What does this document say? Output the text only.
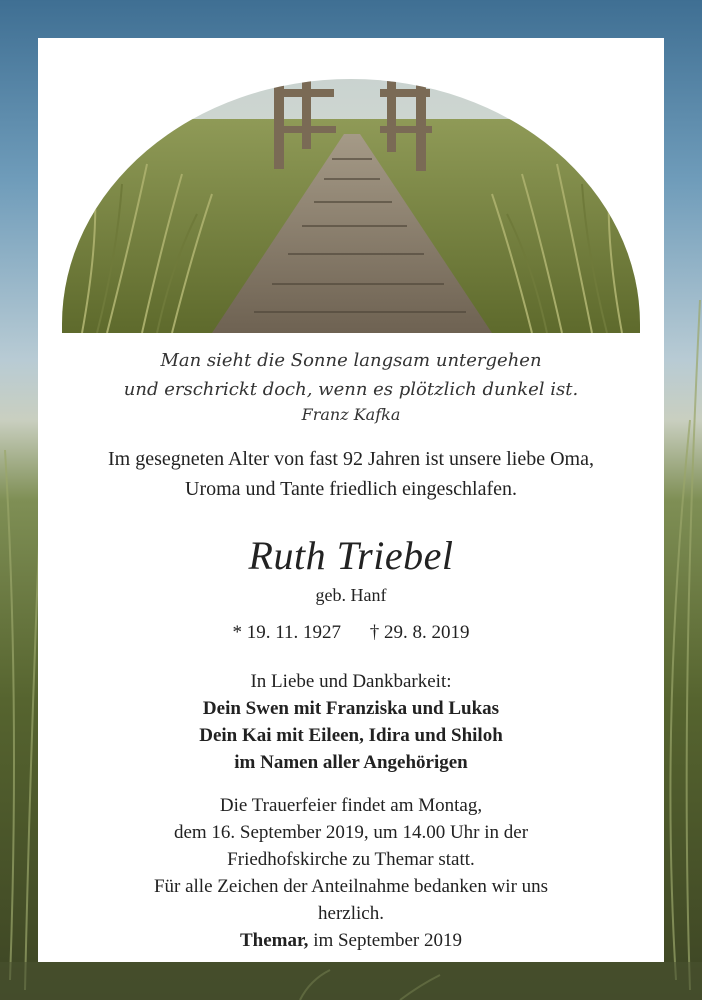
Man sieht die Sonne langsam untergehen
und erschrickt doch, wenn es plötzlich dunkel ist.
Franz Kafka
Im gesegneten Alter von fast 92 Jahren ist unsere liebe Oma,
Uroma und Tante friedlich eingeschlafen.
Ruth Triebel
geb. Hanf
* 19. 11. 1927 † 29. 8. 2019
In Liebe und Dankbarkeit:
Dein Swen mit Franziska und Lukas
Dein Kai mit Eileen, Idira und Shiloh
im Namen aller Angehörigen
Die Trauerfeier findet am Montag,
dem 16. September 2019, um 14.00 Uhr in der
Friedhofskirche zu Themar statt.
Für alle Zeichen der Anteilnahme bedanken wir uns
herzlich.
Themar, im September 2019
